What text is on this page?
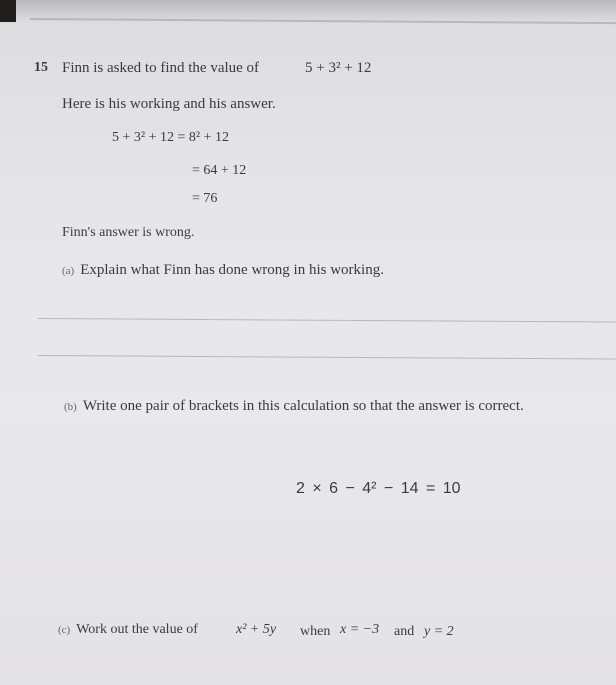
15 Finn is asked to find the value of	5 + 3² + 12
Here is his working and his answer.
5 + 3² + 12 = 8² + 12
= 64 + 12
= 76
Finn's answer is wrong.
(a) Explain what Finn has done wrong in his working.
(b) Write one pair of brackets in this calculation so that the answer is correct.
2 × 6 − 4² − 14 = 10
(c) Work out the value of	x² + 5y when x = −3 and y = 2
